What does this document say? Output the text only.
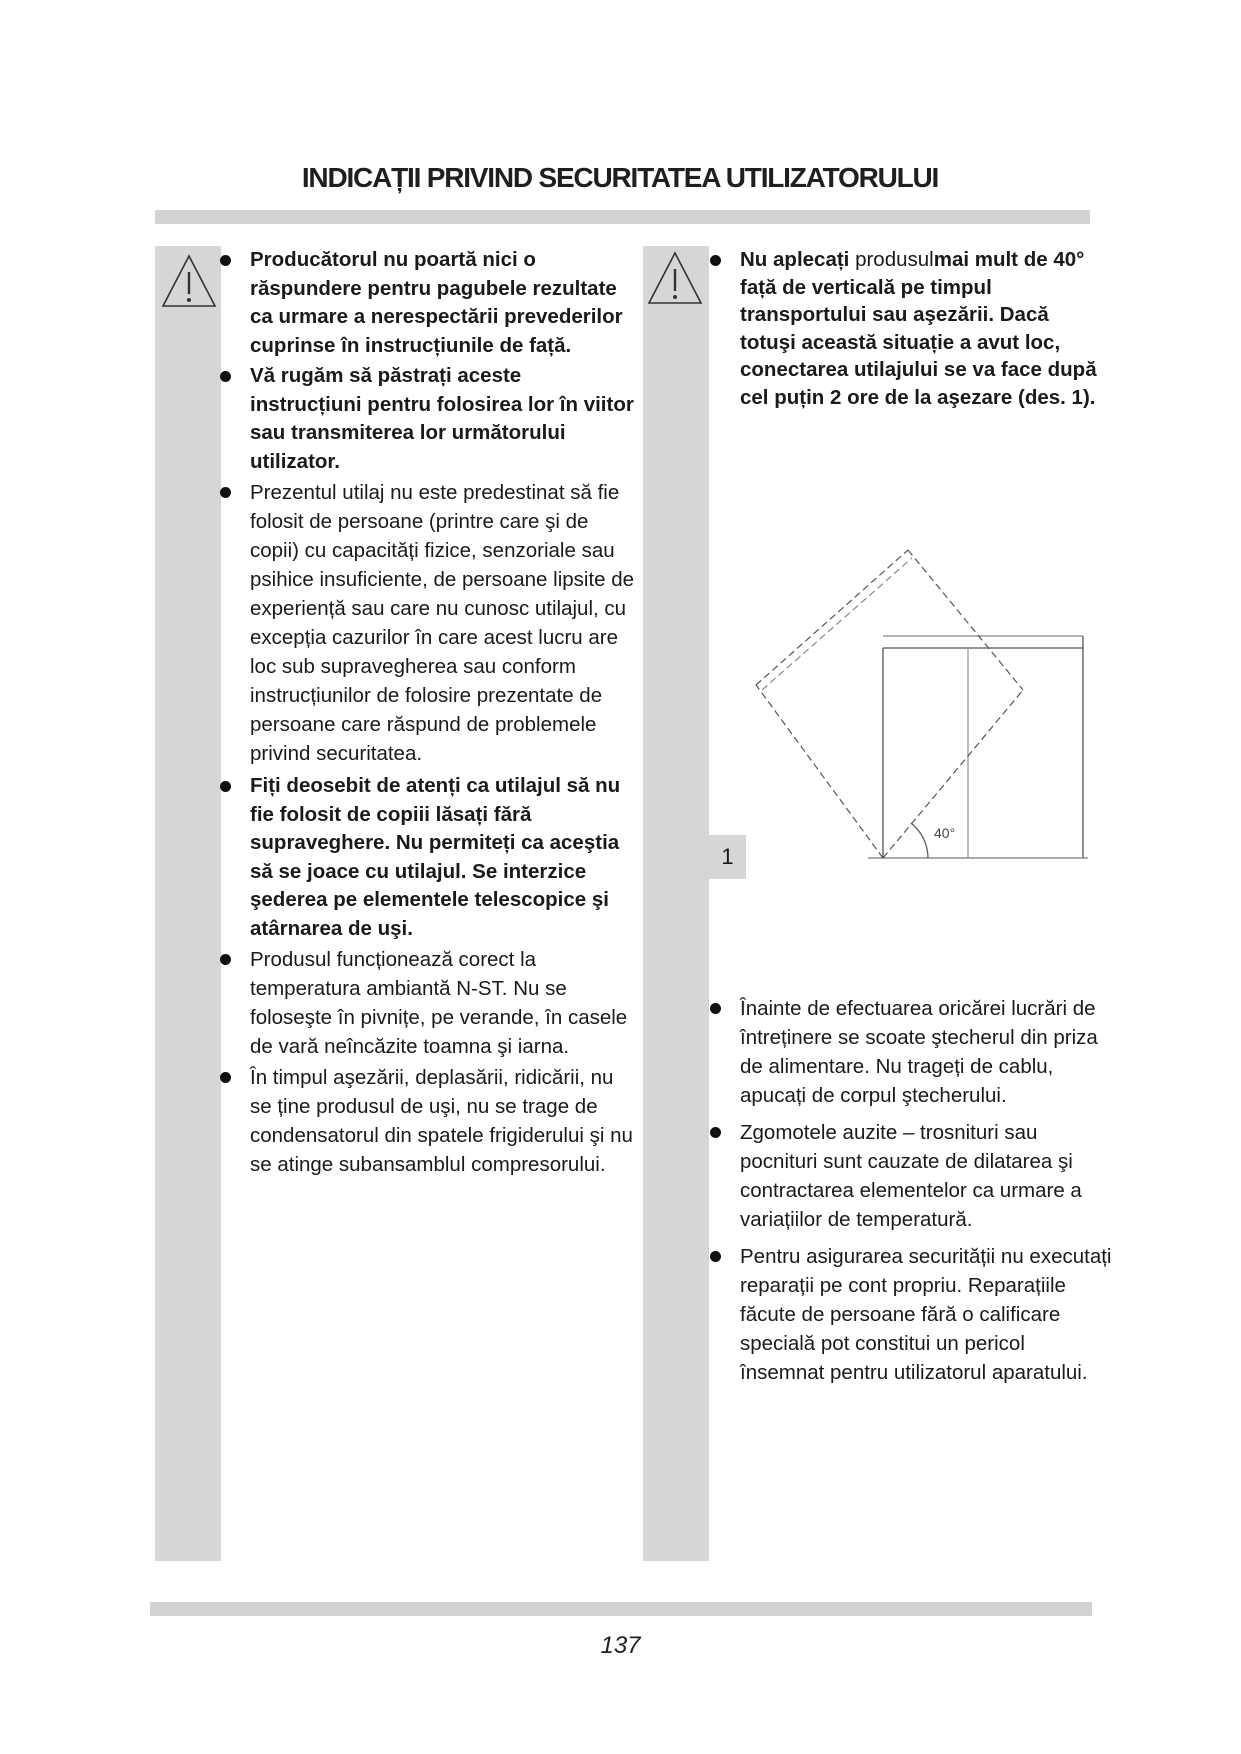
INDICAȚII PRIVIND SECURITATEA UTILIZATORULUI

Producătorul nu poartă nici o răspundere pentru pagubele rezultate ca urmare a nerespectării prevederilor cuprinse în instrucțiunile de față.

Vă rugăm să păstrați aceste instrucțiuni pentru folosirea lor în viitor sau transmiterea lor următorului utilizator.

Prezentul utilaj nu este predestinat să fie folosit de persoane (printre care şi de copii) cu capacități fizice, senzoriale sau psihice insuficiente, de persoane lipsite de experiență sau care nu cunosc utilajul, cu excepția cazurilor în care acest lucru are loc sub supravegherea sau conform instrucțiunilor de folosire prezentate de persoane care răspund de problemele privind securitatea.

Fiți deosebit de atenți ca utilajul să nu fie folosit de copiii lăsați fără supraveghere. Nu permiteți ca aceştia să se joace cu utilajul. Se interzice şederea pe elementele telescopice şi atârnarea de uşi.

Produsul funcționează corect la temperatura ambiantă N-ST. Nu se foloseşte în pivnițe, pe verande, în casele de vară neîncăzite toamna şi iarna.

În timpul aşezării, deplasării, ridicării, nu se ține produsul de uşi, nu se trage de condensatorul din spatele frigiderului şi nu se atinge subansamblul compresorului.

Nu aplecați produsulmai mult de 40° față de verticală pe timpul transportului sau aşezării. Dacă totuşi această situație a avut loc, conectarea utilajului se va face după cel puțin 2 ore de la aşezare (des. 1).

40°
1

Înainte de efectuarea oricărei lucrări de întreținere se scoate ştecherul din priza de alimentare. Nu trageți de cablu, apucați de corpul ştecherului.

Zgomotele auzite – trosnituri sau pocnituri sunt cauzate de dilatarea şi contractarea elementelor ca urmare a variațiilor de temperatură.

Pentru asigurarea securității nu executați reparații pe cont propriu. Reparațiile făcute de persoane fără o calificare specială pot constitui un pericol însemnat pentru utilizatorul aparatului.

137
